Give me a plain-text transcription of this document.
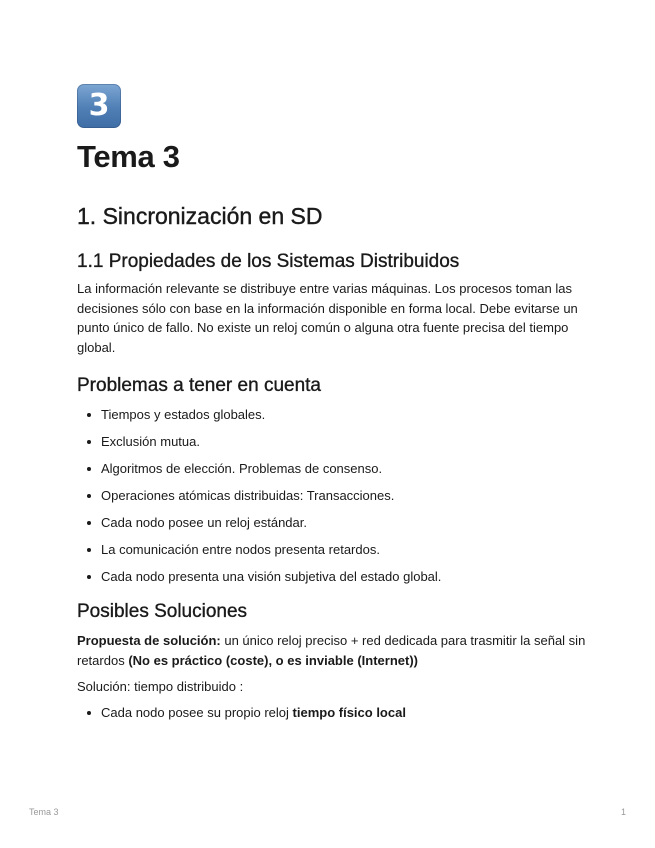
3
Tema 3
1. Sincronización en SD
1.1 Propiedades de los Sistemas Distribuidos

La información relevante se distribuye entre varias máquinas. Los procesos toman las decisiones sólo con base en la información disponible en forma local. Debe evitarse un punto único de fallo. No existe un reloj común o alguna otra fuente precisa del tiempo global.

Problemas a tener en cuenta
Tiempos y estados globales.
Exclusión mutua.
Algoritmos de elección. Problemas de consenso.
Operaciones atómicas distribuidas: Transacciones.
Cada nodo posee un reloj estándar.
La comunicación entre nodos presenta retardos.
Cada nodo presenta una visión subjetiva del estado global.
Posibles Soluciones

Propuesta de solución: un único reloj preciso + red dedicada para trasmitir la señal sin retardos (No es práctico (coste), o es inviable (Internet))

Solución: tiempo distribuido :

Cada nodo posee su propio reloj tiempo físico local
Tema 3	1
